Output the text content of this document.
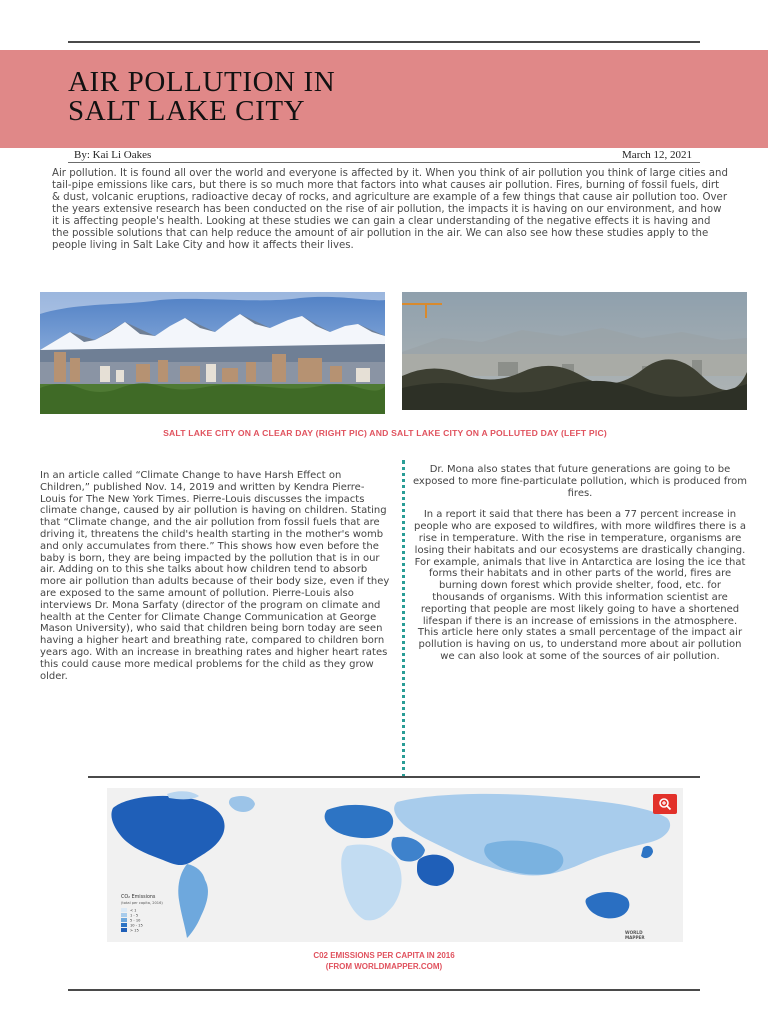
AIR POLLUTION IN
SALT LAKE CITY
By: Kai Li Oakes	March 12, 2021

Air pollution. It is found all over the world and everyone is affected by it. When you think of air pollution you think of large cities and tail-pipe emissions like cars, but there is so much more that factors into what causes air pollution. Fires, burning of fossil fuels, dirt & dust, volcanic eruptions, radioactive decay of rocks, and agriculture are example of a few things that cause air pollution too. Over the years extensive research has been conducted on the rise of air pollution, the impacts it is having on our environment, and how it is affecting people's health. Looking at these studies we can gain a clear understanding of the negative effects it is having and the possible solutions that can help reduce the amount of air pollution in the air. We can also see how these studies apply to the people living in Salt Lake City and how it affects their lives.

SALT LAKE CITY ON A CLEAR DAY (RIGHT PIC) AND SALT LAKE CITY ON A POLLUTED DAY (LEFT PIC)

In an article called “Climate Change to have Harsh Effect on Children,” published Nov. 14, 2019 and written by Kendra Pierre-Louis for The New York Times. Pierre-Louis discusses the impacts climate change, caused by air pollution is having on children. Stating that “Climate change, and the air pollution from fossil fuels that are driving it, threatens the child's health starting in the mother's womb and only accumulates from there.” This shows how even before the baby is born, they are being impacted by the pollution that is in our air. Adding on to this she talks about how children tend to absorb more air pollution than adults because of their body size, even if they are exposed to the same amount of pollution. Pierre-Louis also interviews Dr. Mona Sarfaty (director of the program on climate and health at the Center for Climate Change Communication at George Mason University), who said that children being born today are seen having a higher heart and breathing rate, compared to children born years ago. With an increase in breathing rates and higher heart rates this could cause more medical problems for the child as they grow older.

Dr. Mona also states that future generations are going to be exposed to more fine-particulate pollution, which is produced from fires.

In a report it said that there has been a 77 percent increase in people who are exposed to wildfires, with more wildfires there is a rise in temperature. With the rise in temperature, organisms are losing their habitats and our ecosystems are drastically changing. For example, animals that live in Antarctica are losing the ice that forms their habitats and in other parts of the world, fires are burning down forest which provide shelter, food, etc. for thousands of organisms. With this information scientist are reporting that people are most likely going to have a shortened lifespan if there is an increase of emissions in the atmosphere. This article here only states a small percentage of the impact air pollution is having on us, to understand more about air pollution we can also look at some of the sources of air pollution.

CO₂ Emissions
(total per capita, 2016)
< 1
1 - 5
5 - 10
10 - 15
> 15	WORLD
MAPPER
C02 EMISSIONS PER CAPITA IN 2016
(FROM WORLDMAPPER.COM)
